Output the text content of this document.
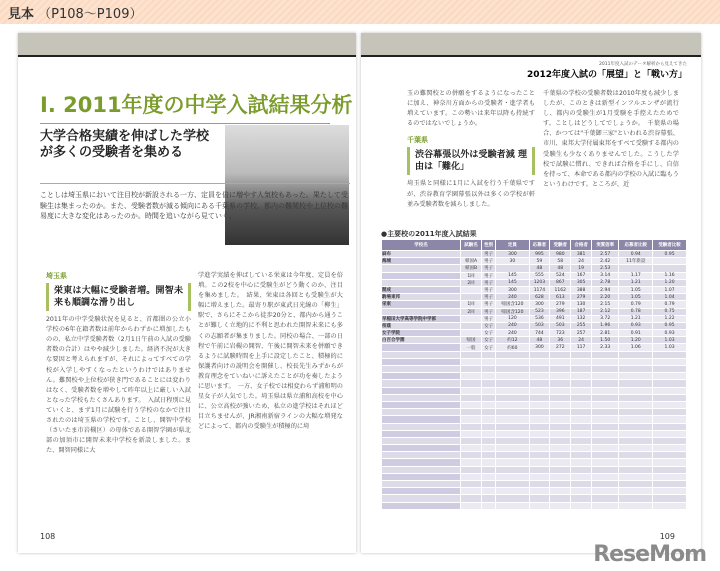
見本 （P108～P109）
I. 2011年度の中学入試結果分析
大学合格実績を伸ばした学校が多くの受験者を集める
ことしは埼玉県において注目校が新設される一方、定員を倍に増やす人気校もあった。果たして受験生は集まったのか。また、受験者数が減る傾向にある千葉県の学校、都内の難関校や上位校の難易度に大きな変化はあったのか。時間を追いながら見ていく。
埼玉県
栄東は大幅に受験者増。開智未来も順調な滑り出し
2011年の中学受験状況を見ると、首都圏の公立小学校の6年在籍者数は前年からわずかに増加したものの、私立中学受験者数（2月1日午前の入試の受験者数の合計）はやや減少しました。経済不況が大きな要因と考えられますが、それによってすべての学校が入学しやすくなったというわけではありません。難関校や上位校が狭き門であることには変わりはなく、受験者数を増やして昨年以上に厳しい入試となった学校もたくさんあります。　入試日程別に見ていくと、まず1月に試験を行う学校のなかで注目されたのは埼玉県の学校です。ことし、開智中学校（さいたま市岩槻区）の母体である開智学園が県北部の加須市に開智未来中学校を新設しました。また、開智同様に大
学進学実績を伸ばしている栄東は今年度、定員を倍増。この2校を中心に受験生がどう動くのか、注目を集めました。　結果、栄東は各回とも受験生が大幅に増えました。最寄り駅が東武日光線の「柳生」駅で、さらにそこから徒歩20分と、都内から通うことが難しく立地的に不利と思われた開智未来にも多くの志願者が集まりました。同校の場合、一部の日程で午前に岩槻の開智、午後に開智未来を併願できるように試験時間を上手に設定したこと、積極的に保護者向けの説明会を開催し、校長先生みずからが教育理念をていねいに訴えたことが功を奏したように思います。　一方、女子校では相変わらず浦和明の星女子が人気でした。埼玉県は県立浦和高校を中心に、公立高校が強いため、私立の進学校はそれほど目立ちませんが、JR湘南新宿ラインの大幅な増発などによって、都内の受験生が積極的に埼
108
2011年度入試のデータ解析から見えてきた
2012年度入試の「展望」と「戦い方」
玉の難関校との併願をするようになったことに加え、神奈川方面からの受験者・進学者も増えています。この勢いは来年以降も持続するのではないでしょうか。
千葉県
渋谷幕張以外は受験者減 理由は「難化」
埼玉県と同様に1月に入試を行う千葉県ですが、渋谷教育学園幕張以外は多くの学校が軒並み受験者数を減らしました。
千葉県の学校の受験者数は2010年度も減少しましたが、このときは新型インフルエンザが流行し、都内の受験生が1月受験を手控えたためです。ことしはどうしてでしょうか。　千葉県の場合、かつては"千葉御三家"といわれる渋谷幕張、市川、東邦大学付属東邦をすべて受験する都内の受験生も少なくありませんでした。こうした学校で試験に慣れ、できれば合格を手にし、自信を持って、本命である都内の学校の入試に臨もうというわけです。ところが、近
●主要校の2011年度入試結果
学校名	試験名	性別	定員	応募者	受験者	合格者	実質倍率	応募者比較	受験者比較
麻布		男子	300	995	980	381	2.57	0.94	0.95
海城	帰国A	男子	30	59	58	24	2.42	11年新設	
	帰国B	男子		48	48	19	2.53		
	1回	男子	145	555	524	167	3.14	1.17	1.16
	2回	男子	145	1203	867	305	2.78	1.21	1.20
開成		男子	300	1174	1162	388	2.94	1.05	1.07
駒場東邦		男子	240	628	613	279	2.20	1.05	1.04
栄東	1回	男子	帰国含120	300	279	130	2.15	0.79	0.79
	2回	男子	帰国含120	523	396	187	2.12	0.78	0.75
早稲田大学高等学院中学部		男子	120	536	491	132	3.72	1.21	1.22
桜蔭		女子	240	503	503	255	1.96	0.93	0.95
女子学院		女子	240	744	723	257	2.81	0.91	0.93
白百合学園	帰国	女子	約12	48	36	24	1.50	1.20	1.03
	一般	女子	約60	300	272	117	2.33	1.06	1.03

109
ReseMom
